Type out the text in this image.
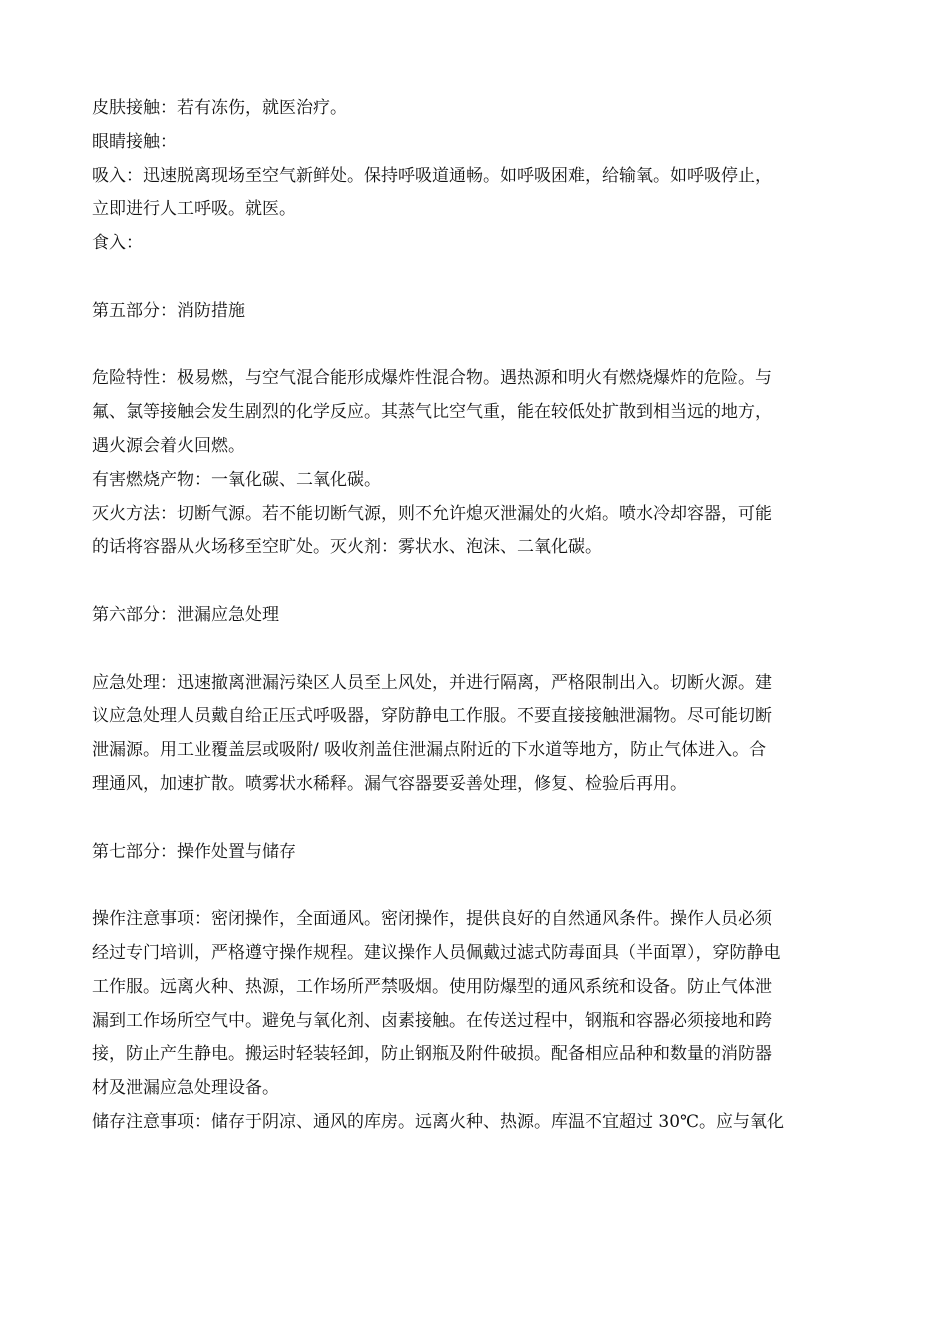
皮肤接触：若有冻伤，就医治疗。
眼睛接触：
吸入：迅速脱离现场至空气新鲜处。保持呼吸道通畅。如呼吸困难，给输氧。如呼吸停止，
立即进行人工呼吸。就医。
食入：
第五部分：消防措施
危险特性：极易燃，与空气混合能形成爆炸性混合物。遇热源和明火有燃烧爆炸的危险。与
氟、氯等接触会发生剧烈的化学反应。其蒸气比空气重，能在较低处扩散到相当远的地方，
遇火源会着火回燃。
有害燃烧产物：一氧化碳、二氧化碳。
灭火方法：切断气源。若不能切断气源，则不允许熄灭泄漏处的火焰。喷水冷却容器，可能
的话将容器从火场移至空旷处。灭火剂：雾状水、泡沫、二氧化碳。
第六部分：泄漏应急处理
应急处理：迅速撤离泄漏污染区人员至上风处，并进行隔离，严格限制出入。切断火源。建
议应急处理人员戴自给正压式呼吸器，穿防静电工作服。不要直接接触泄漏物。尽可能切断
泄漏源。用工业覆盖层或吸附/ 吸收剂盖住泄漏点附近的下水道等地方，防止气体进入。合
理通风，加速扩散。喷雾状水稀释。漏气容器要妥善处理，修复、检验后再用。
第七部分：操作处置与储存
操作注意事项：密闭操作，全面通风。密闭操作，提供良好的自然通风条件。操作人员必须
经过专门培训，严格遵守操作规程。建议操作人员佩戴过滤式防毒面具（半面罩），穿防静电
工作服。远离火种、热源，工作场所严禁吸烟。使用防爆型的通风系统和设备。防止气体泄
漏到工作场所空气中。避免与氧化剂、卤素接触。在传送过程中，钢瓶和容器必须接地和跨
接，防止产生静电。搬运时轻装轻卸，防止钢瓶及附件破损。配备相应品种和数量的消防器
材及泄漏应急处理设备。
储存注意事项：储存于阴凉、通风的库房。远离火种、热源。库温不宜超过 30℃。应与氧化
